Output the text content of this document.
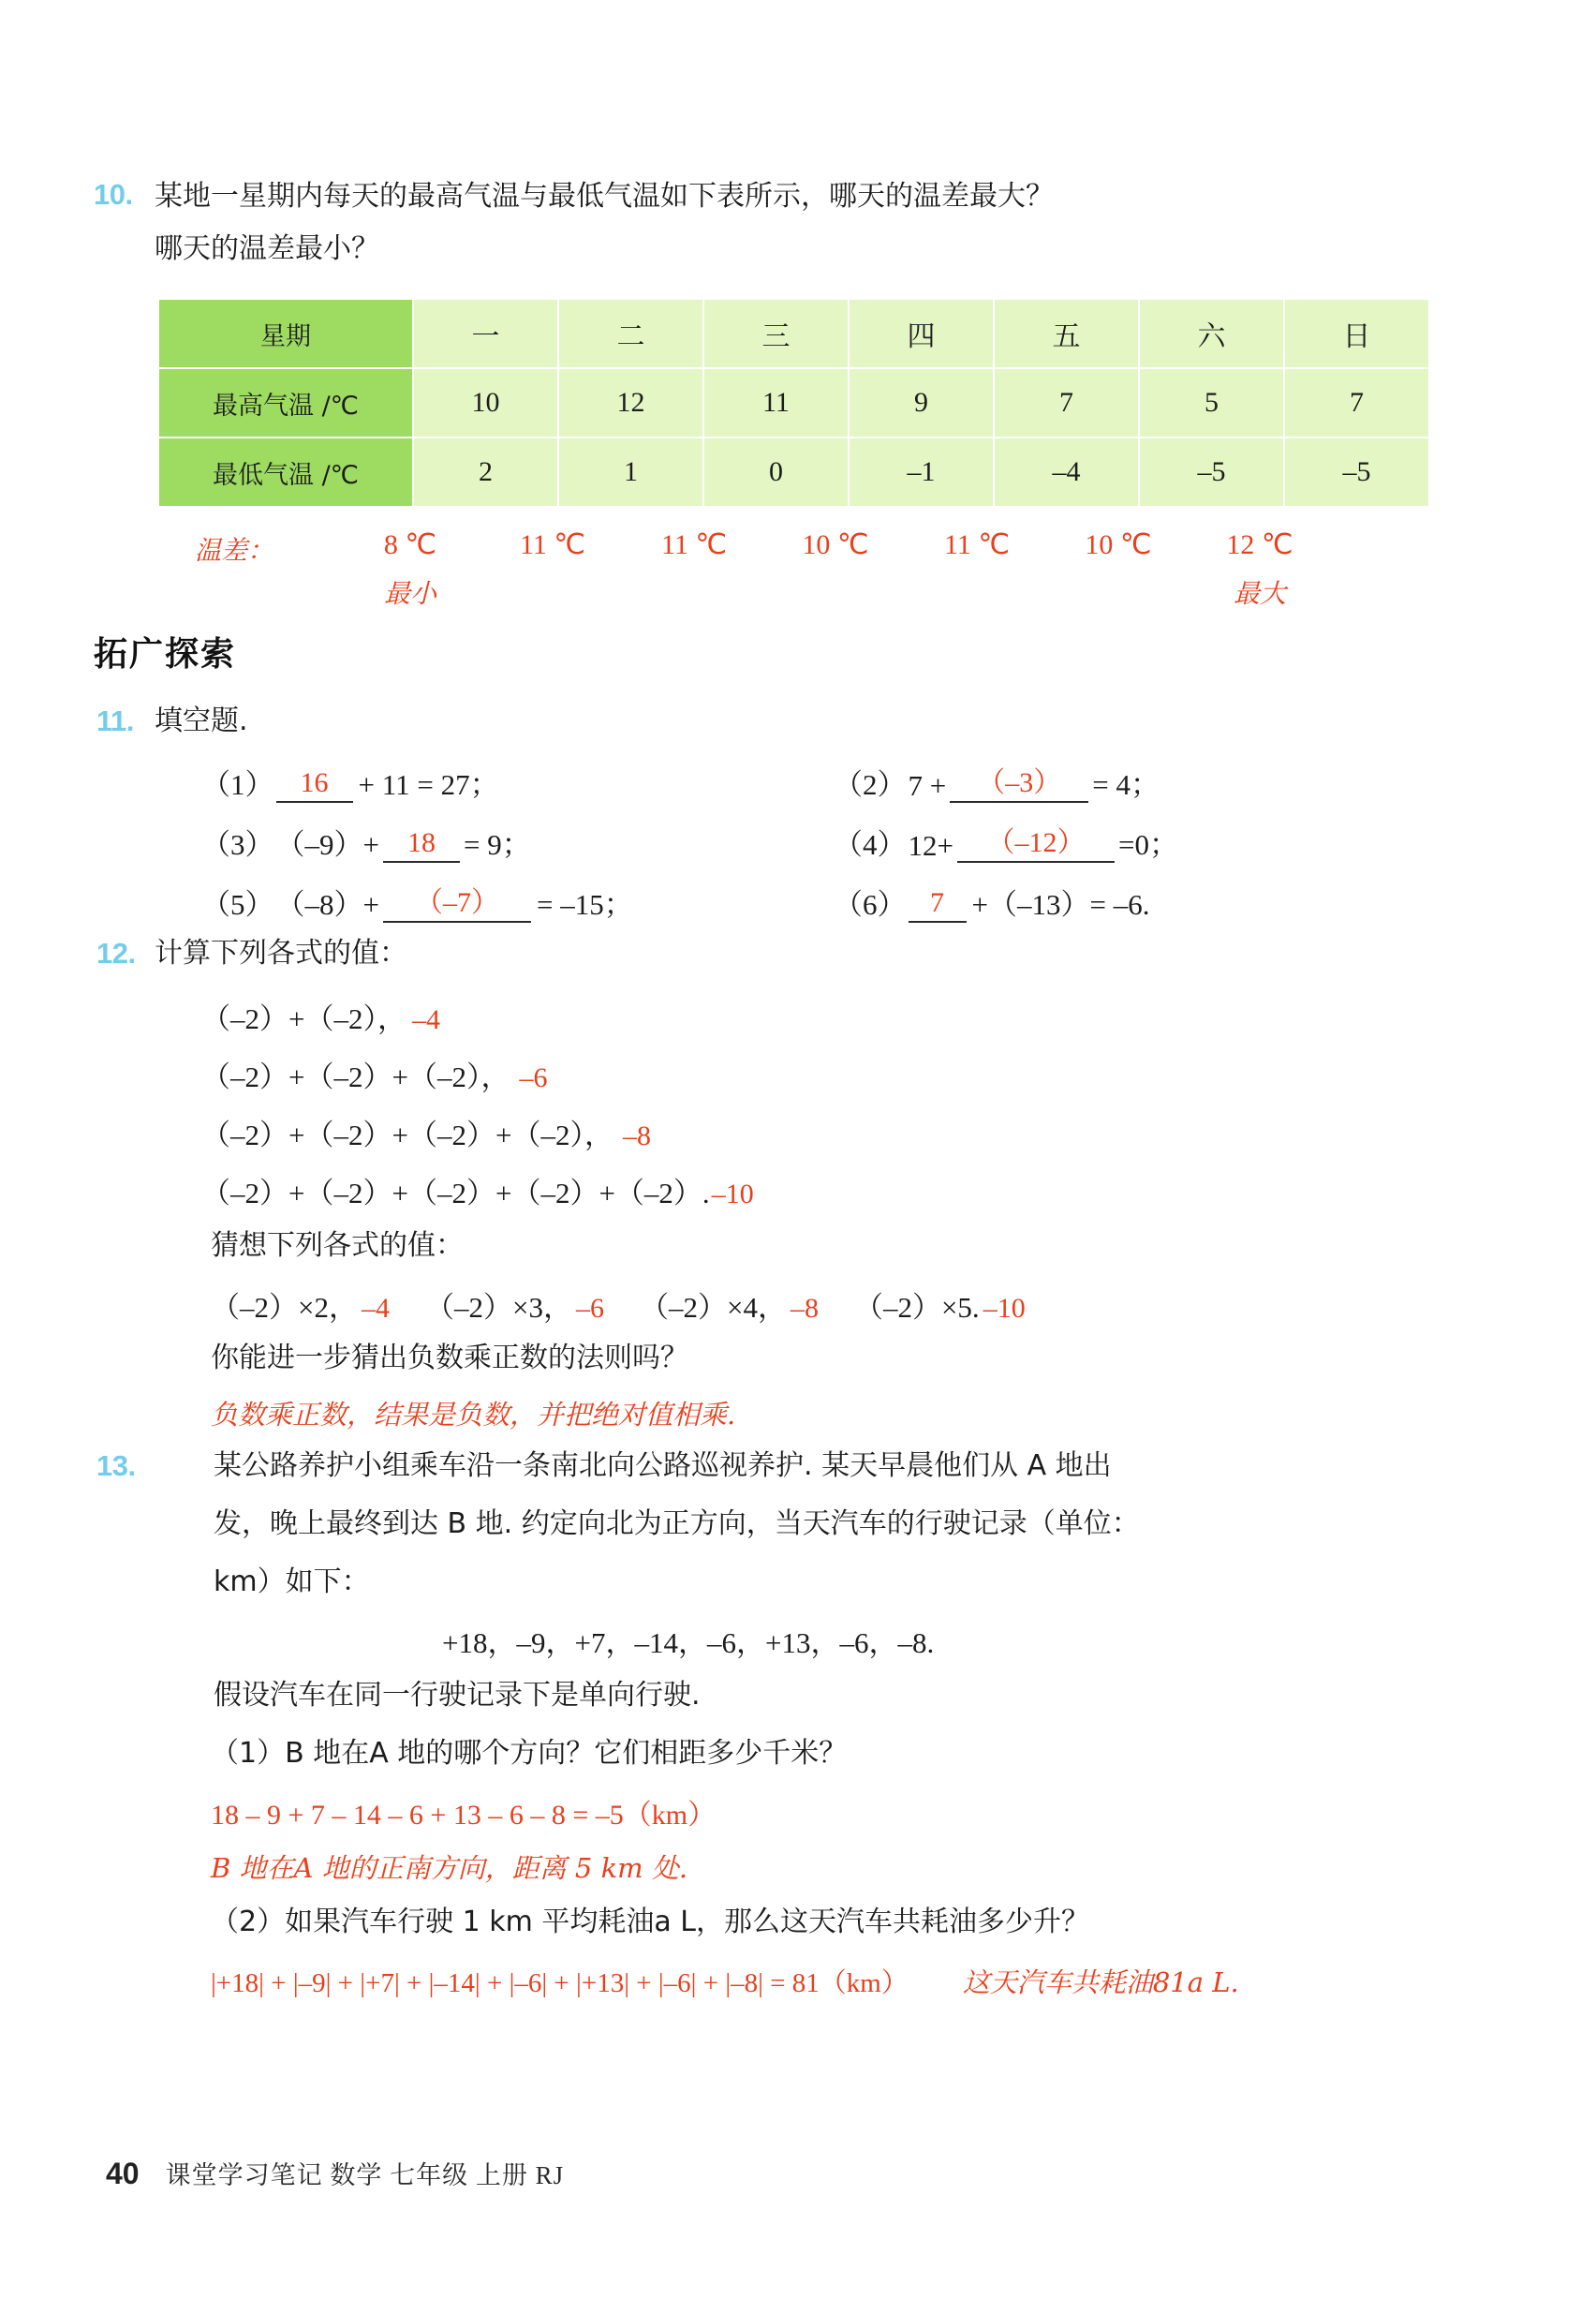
10. 某地一星期内每天的最高气温与最低气温如下表所示，哪天的温差最大？
哪天的温差最小？
星期	一	二	三	四	五	六	日
最高气温 /℃	10	12	11	9	7	5	7
最低气温 /℃	2	1	0	–1	–4	–5	–5
温差：	8 ℃	11 ℃	11 ℃	10 ℃	11 ℃	10 ℃	12 ℃
最小	最大
拓广探索
11. 填空题.
（1） 16	+ 11 = 27；	（2） 7 +	（–3）	= 4；
（3） （–9）+	18 = 9；	（4） 12+	（–12）	=0；
（5） （–8）+	（–7）	= –15；	（6） 7 +（–13）= –6.
12. 计算下列各式的值：
（–2）+（–2）， –4
（–2）+（–2）+（–2）， –6
（–2）+（–2）+（–2）+（–2）， –8
（–2）+（–2）+（–2）+（–2）+（–2）. –10
猜想下列各式的值：
（–2）×2， –4 （–2）×3， –6 （–2）×4， –8 （–2）×5. –10
你能进一步猜出负数乘正数的法则吗？
负数乘正数，结果是负数，并把绝对值相乘.
13.	某公路养护小组乘车沿一条南北向公路巡视养护. 某天早晨他们从 A 地出
发，晚上最终到达 B 地. 约定向北为正方向，当天汽车的行驶记录（单位：
km）如下：
+18，–9，+7，–14，–6，+13，–6，–8.
假设汽车在同一行驶记录下是单向行驶.
（1）B 地在A 地的哪个方向？它们相距多少千米？
18 – 9 + 7 – 14 – 6 + 13 – 6 – 8 = –5（km）
B 地在A 地的正南方向，距离 5 km 处.
（2）如果汽车行驶 1 km 平均耗油a L，那么这天汽车共耗油多少升？
|+18| + |–9| + |+7| + |–14| + |–6| + |+13| + |–6| + |–8| = 81（km） 这天汽车共耗油81a L.
40 课堂学习笔记 数学 七年级 上册 RJ
